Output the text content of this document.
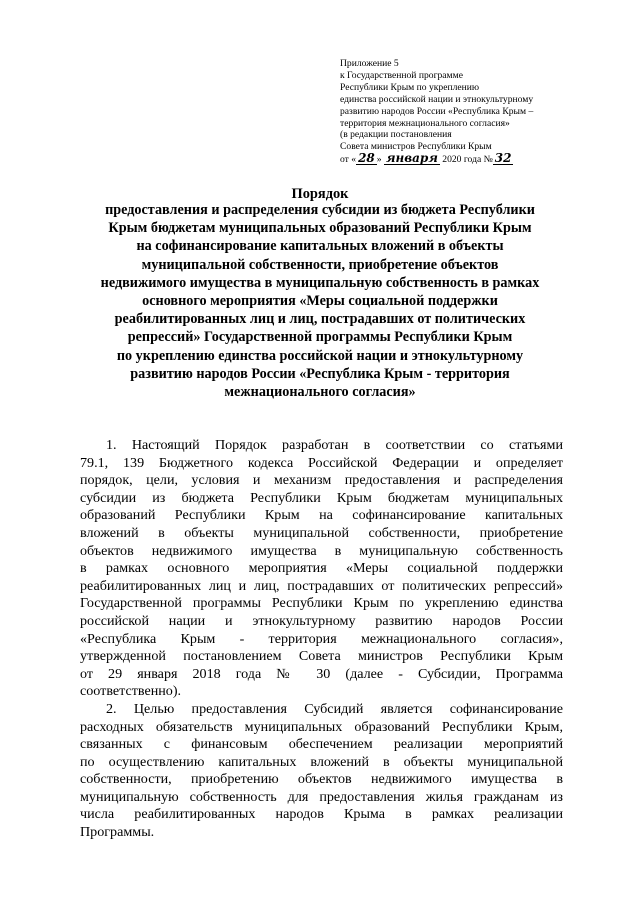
Приложение 5
к Государственной программе
Республики Крым по укреплению
единства российской нации и этнокультурному
развитию народов России «Республика Крым –
территория межнационального согласия»
(в редакции постановления
Совета министров Республики Крым
от « 28 » января 2020 года № 32
Порядок
предоставления и распределения субсидии из бюджета Республики
Крым бюджетам муниципальных образований Республики Крым
на софинансирование капитальных вложений в объекты
муниципальной собственности, приобретение объектов
недвижимого имущества в муниципальную собственность в рамках
основного мероприятия «Меры социальной поддержки
реабилитированных лиц и лиц, пострадавших от политических
репрессий» Государственной программы Республики Крым
по укреплению единства российской нации и этнокультурному
развитию народов России «Республика Крым - территория
межнационального согласия»
1. Настоящий Порядок разработан в соответствии со статьями
79.1, 139 Бюджетного кодекса Российской Федерации и определяет
порядок, цели, условия и механизм предоставления и распределения
субсидии из бюджета Республики Крым бюджетам муниципальных
образований Республики Крым на софинансирование капитальных
вложений в объекты муниципальной собственности, приобретение
объектов недвижимого имущества в муниципальную собственность
в рамках основного мероприятия «Меры социальной поддержки
реабилитированных лиц и лиц, пострадавших от политических репрессий»
Государственной программы Республики Крым по укреплению единства
российской нации и этнокультурному развитию народов России
«Республика Крым - территория межнационального согласия»,
утвержденной постановлением Совета министров Республики Крым
от 29 января 2018 года № 30 (далее - Субсидии, Программа
соответственно).
2. Целью предоставления Субсидий является софинансирование
расходных обязательств муниципальных образований Республики Крым,
связанных с финансовым обеспечением реализации мероприятий
по осуществлению капитальных вложений в объекты муниципальной
собственности, приобретению объектов недвижимого имущества в
муниципальную собственность для предоставления жилья гражданам из
числа реабилитированных народов Крыма в рамках реализации
Программы.
